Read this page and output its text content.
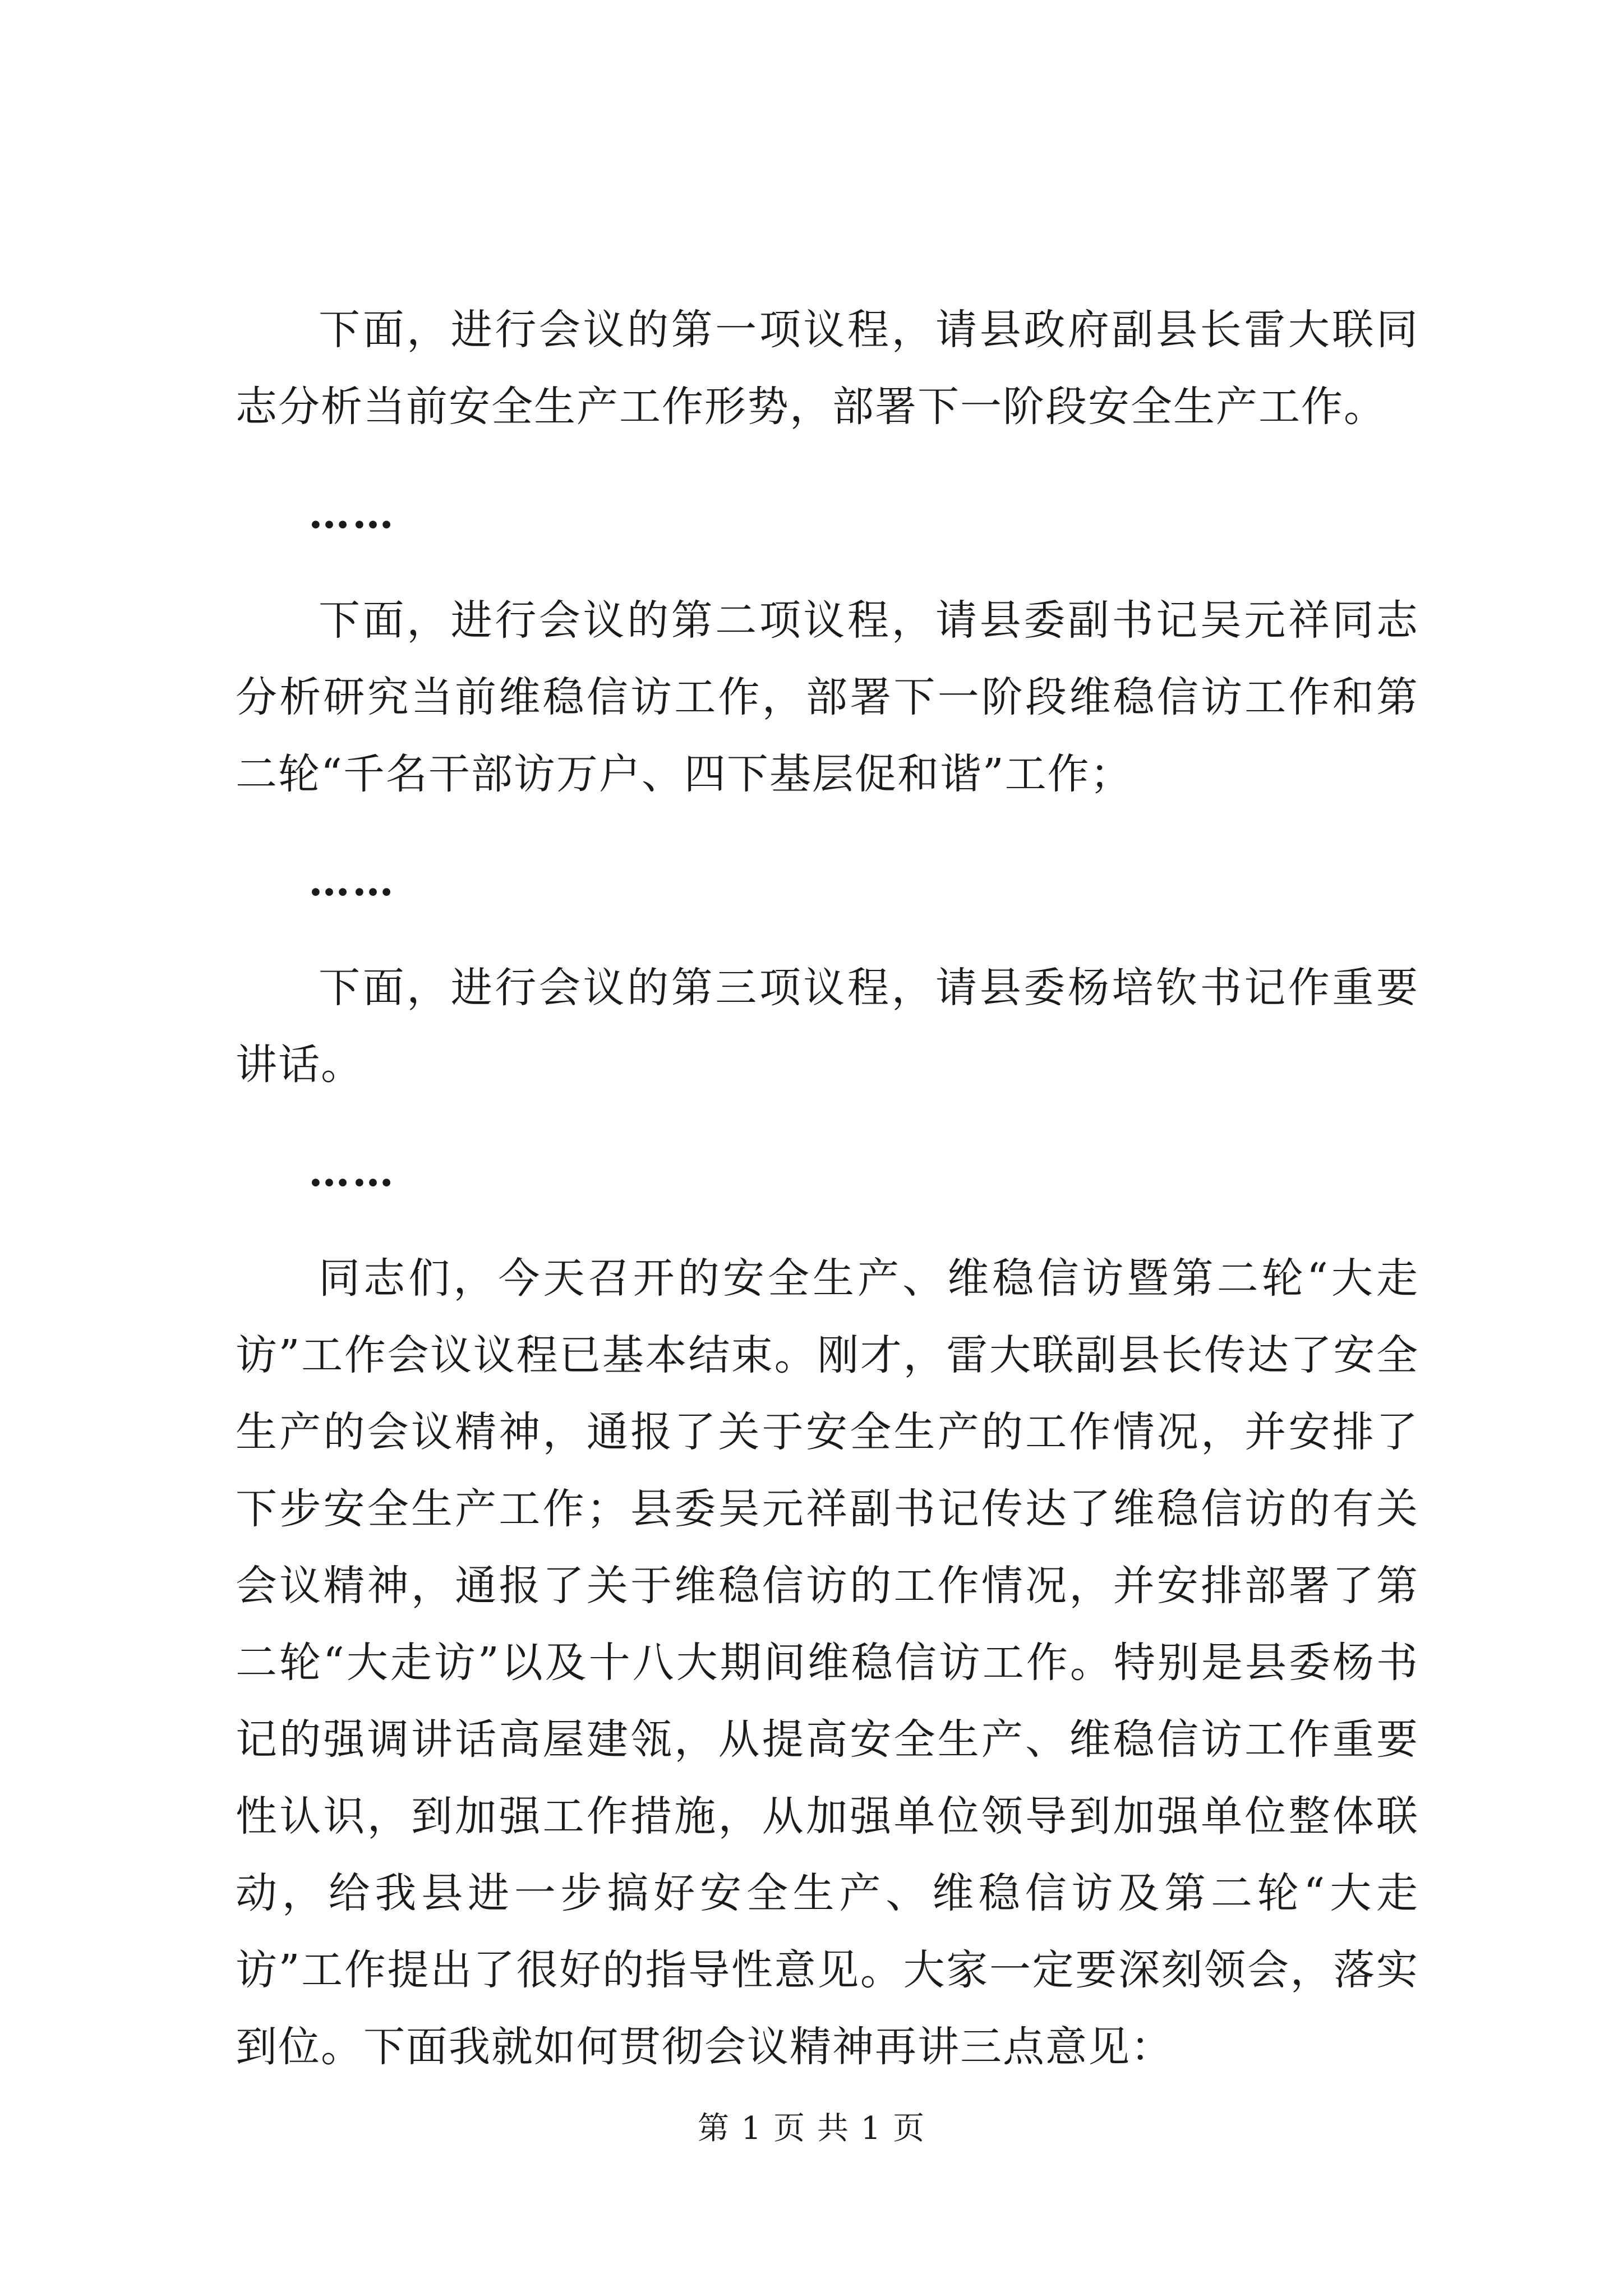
下面，进行会议的第一项议程，请县政府副县长雷大联同志分析当前安全生产工作形势，部署下一阶段安全生产工作。

……

下面，进行会议的第二项议程，请县委副书记吴元祥同志分析研究当前维稳信访工作，部署下一阶段维稳信访工作和第二轮“千名干部访万户、四下基层促和谐”工作；

……

下面，进行会议的第三项议程，请县委杨培钦书记作重要讲话。

……

同志们，今天召开的安全生产、维稳信访暨第二轮“大走访”工作会议议程已基本结束。刚才，雷大联副县长传达了安全生产的会议精神，通报了关于安全生产的工作情况，并安排了下步安全生产工作；县委吴元祥副书记传达了维稳信访的有关会议精神，通报了关于维稳信访的工作情况，并安排部署了第二轮“大走访”以及十八大期间维稳信访工作。特别是县委杨书记的强调讲话高屋建瓴，从提高安全生产、维稳信访工作重要性认识，到加强工作措施，从加强单位领导到加强单位整体联动，给我县进一步搞好安全生产、维稳信访及第二轮“大走访”工作提出了很好的指导性意见。大家一定要深刻领会，落实到位。下面我就如何贯彻会议精神再讲三点意见：

第 1 页 共 1 页
